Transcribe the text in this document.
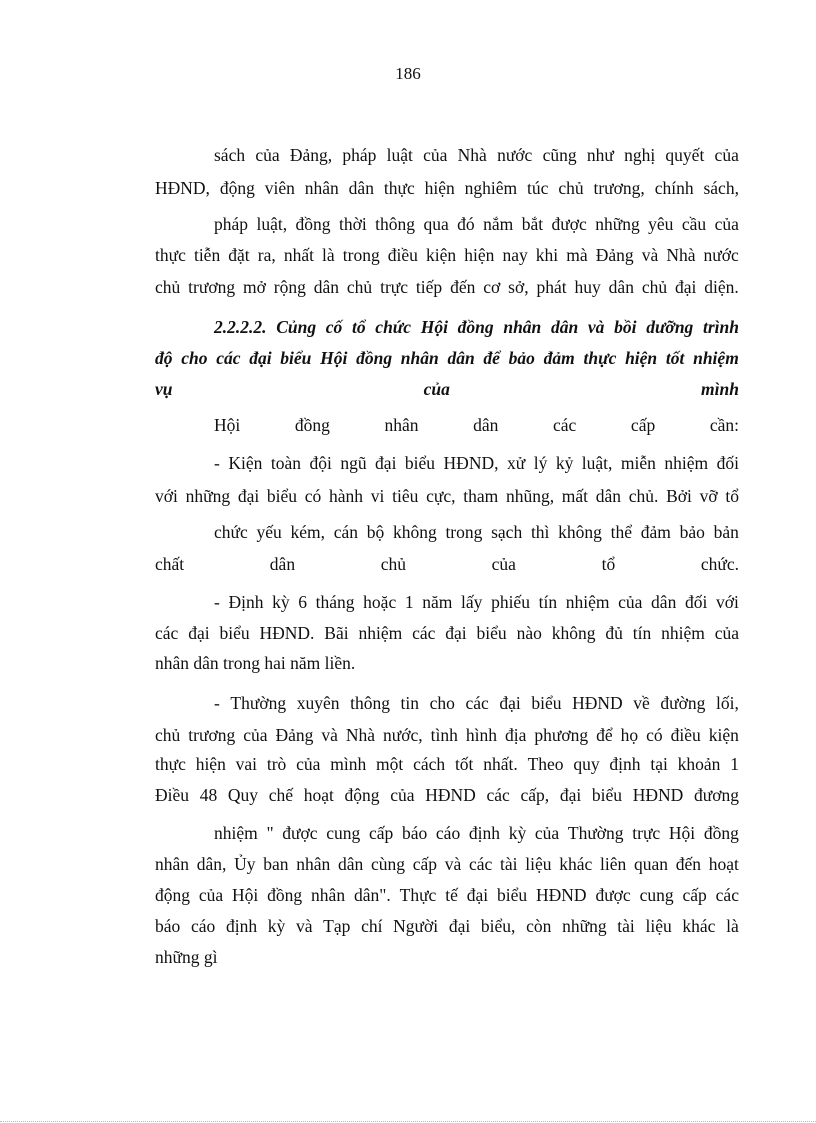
186
sách của Đảng, pháp luật của Nhà nước cũng như nghị quyết của
HĐND, động viên nhân dân thực hiện nghiêm túc chủ trương, chính sách,
pháp luật, đồng thời thông qua đó nắm bắt được những yêu cầu của
thực tiễn đặt ra, nhất là trong điều kiện hiện nay khi mà Đảng và Nhà nước
chủ trương mở rộng dân chủ trực tiếp đến cơ sở, phát huy dân chủ đại diện.
2.2.2.2. Củng cố tổ chức Hội đồng nhân dân và bồi dưỡng trình
độ cho các đại biểu Hội đồng nhân dân để bảo đảm thực hiện tốt nhiệm
vụ	của	mình
Hội	đồng	nhân	dân	các	cấp	cần:
- Kiện toàn đội ngũ đại biểu HĐND, xử lý kỷ luật, miễn nhiệm đối
với những đại biểu có hành vi tiêu cực, tham nhũng, mất dân chủ. Bởi vỡ tổ
chức yếu kém, cán bộ không trong sạch thì không thể đảm bảo bản
chất	dân	chủ	của	tổ	chức.
- Định kỳ 6 tháng hoặc 1 năm lấy phiếu tín nhiệm của dân đối với
các đại biểu HĐND. Bãi nhiệm các đại biểu nào không đủ tín nhiệm của
nhân dân trong hai năm liền.
- Thường xuyên thông tin cho các đại biểu HĐND về đường lối,
chủ trương của Đảng và Nhà nước, tình hình địa phương để họ có điều kiện
thực hiện vai trò của mình một cách tốt nhất. Theo quy định tại khoản 1
Điều 48 Quy chế hoạt động của HĐND các cấp, đại biểu HĐND đương
nhiệm " được cung cấp báo cáo định kỳ của Thường trực Hội đồng
nhân dân, Ủy ban nhân dân cùng cấp và các tài liệu khác liên quan đến hoạt
động của Hội đồng nhân dân". Thực tế đại biểu HĐND được cung cấp các
báo cáo định kỳ và Tạp chí Người đại biểu, còn những tài liệu khác là
những gì
